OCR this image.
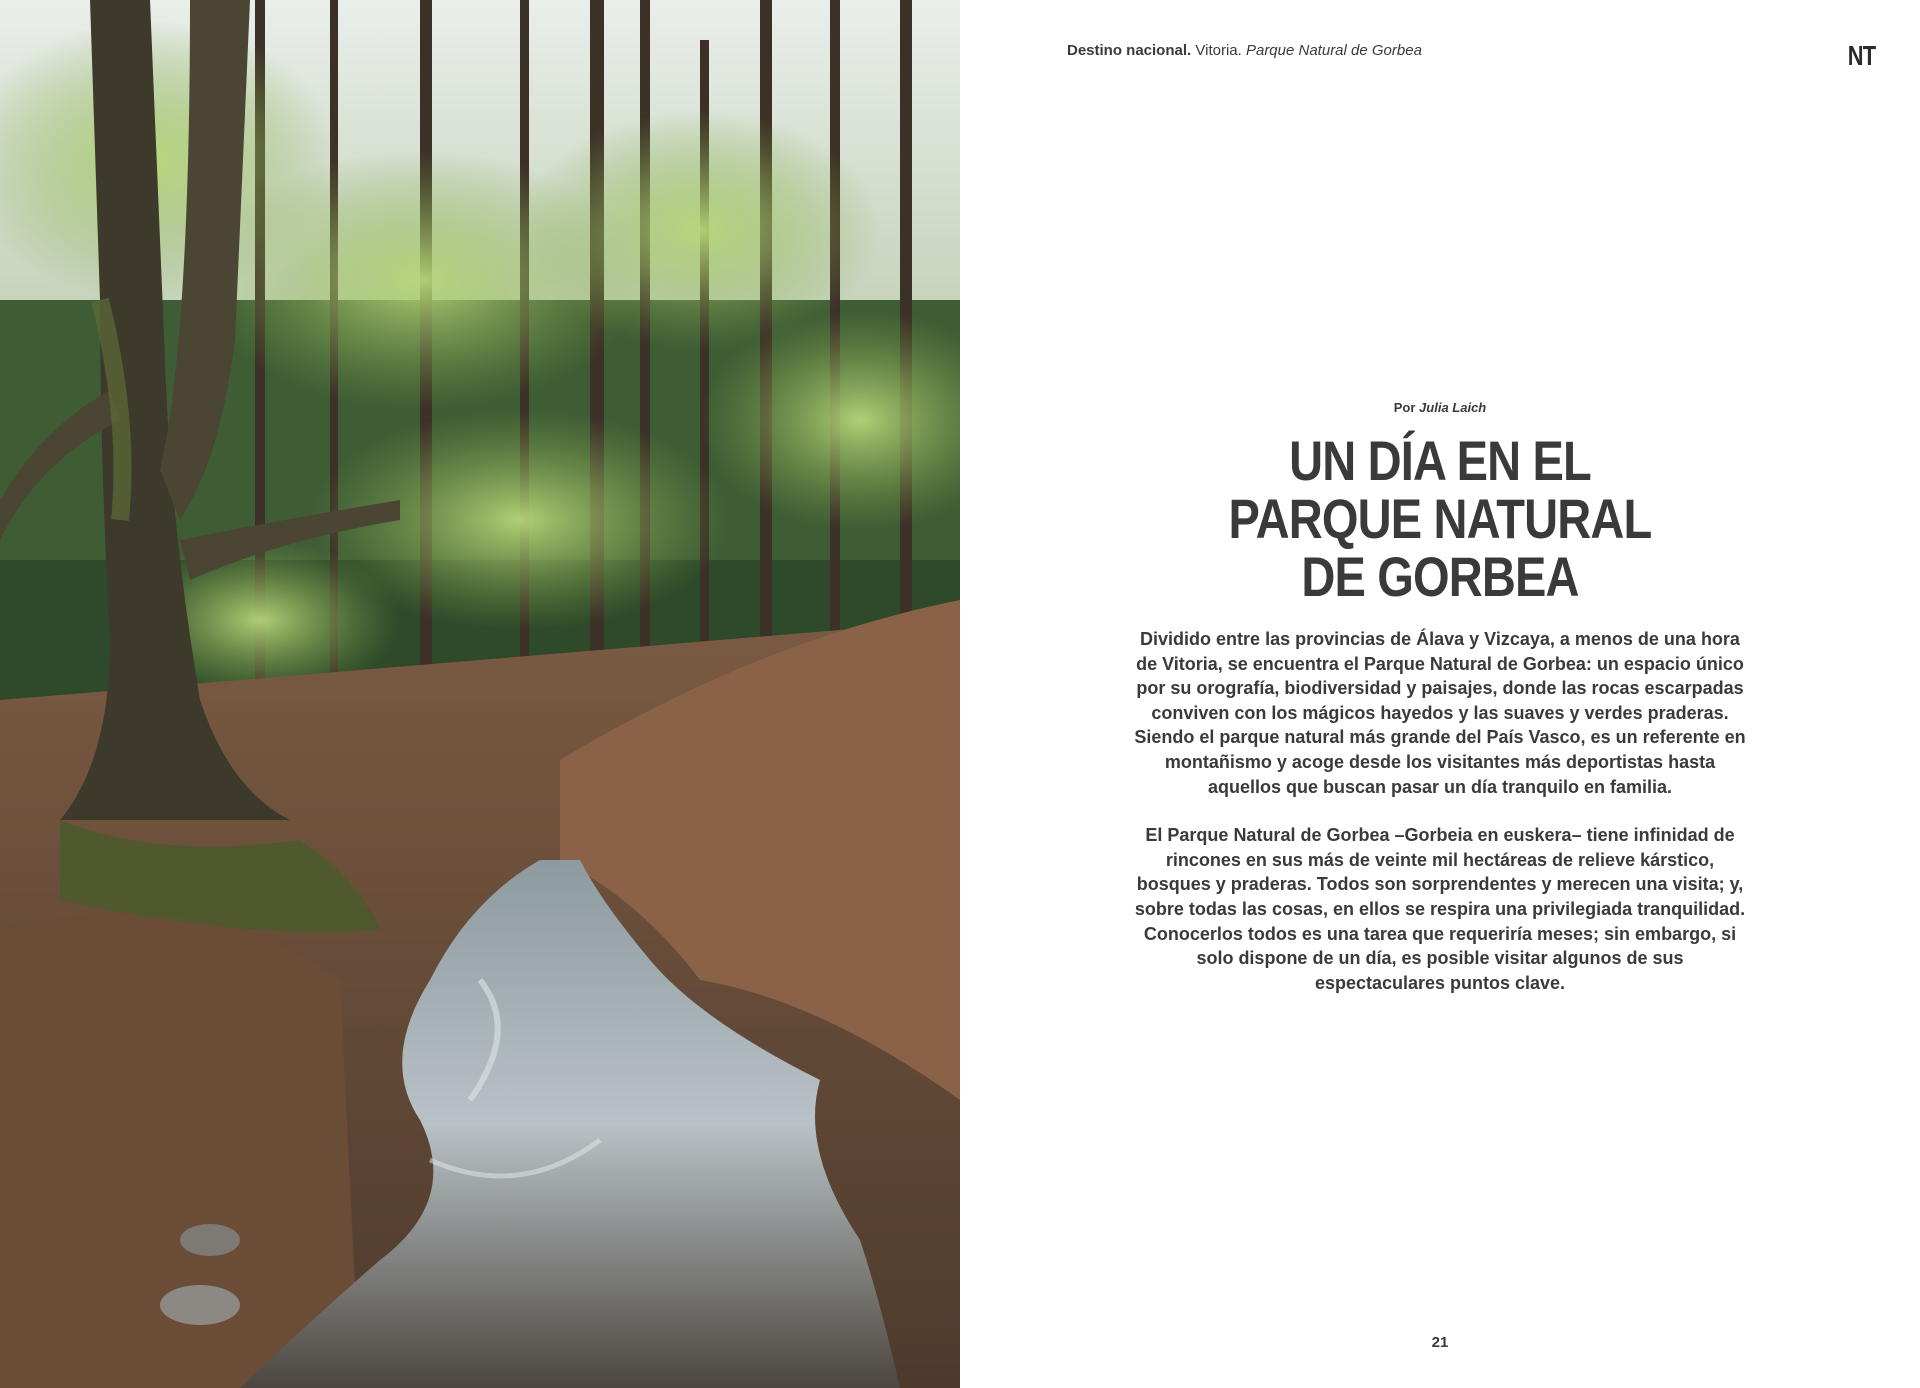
Destino nacional. Vitoria. Parque Natural de Gorbea	NT
Por Julia Laich
UN DÍA EN EL
PARQUE NATURAL
DE GORBEA

Dividido entre las provincias de Álava y Vizcaya, a menos de una hora de Vitoria, se encuentra el Parque Natural de Gorbea: un espacio único por su orografía, biodiversidad y paisajes, donde las rocas escarpadas conviven con los mágicos hayedos y las suaves y verdes praderas. Siendo el parque natural más grande del País Vasco, es un referente en montañismo y acoge desde los visitantes más deportistas hasta aquellos que buscan pasar un día tranquilo en familia.

El Parque Natural de Gorbea –Gorbeia en euskera– tiene infinidad de rincones en sus más de veinte mil hectáreas de relieve kárstico, bosques y praderas. Todos son sorprendentes y merecen una visita; y, sobre todas las cosas, en ellos se respira una privilegiada tranquilidad. Conocerlos todos es una tarea que requeriría meses; sin embargo, si solo dispone de un día, es posible visitar algunos de sus espectaculares puntos clave.

21
